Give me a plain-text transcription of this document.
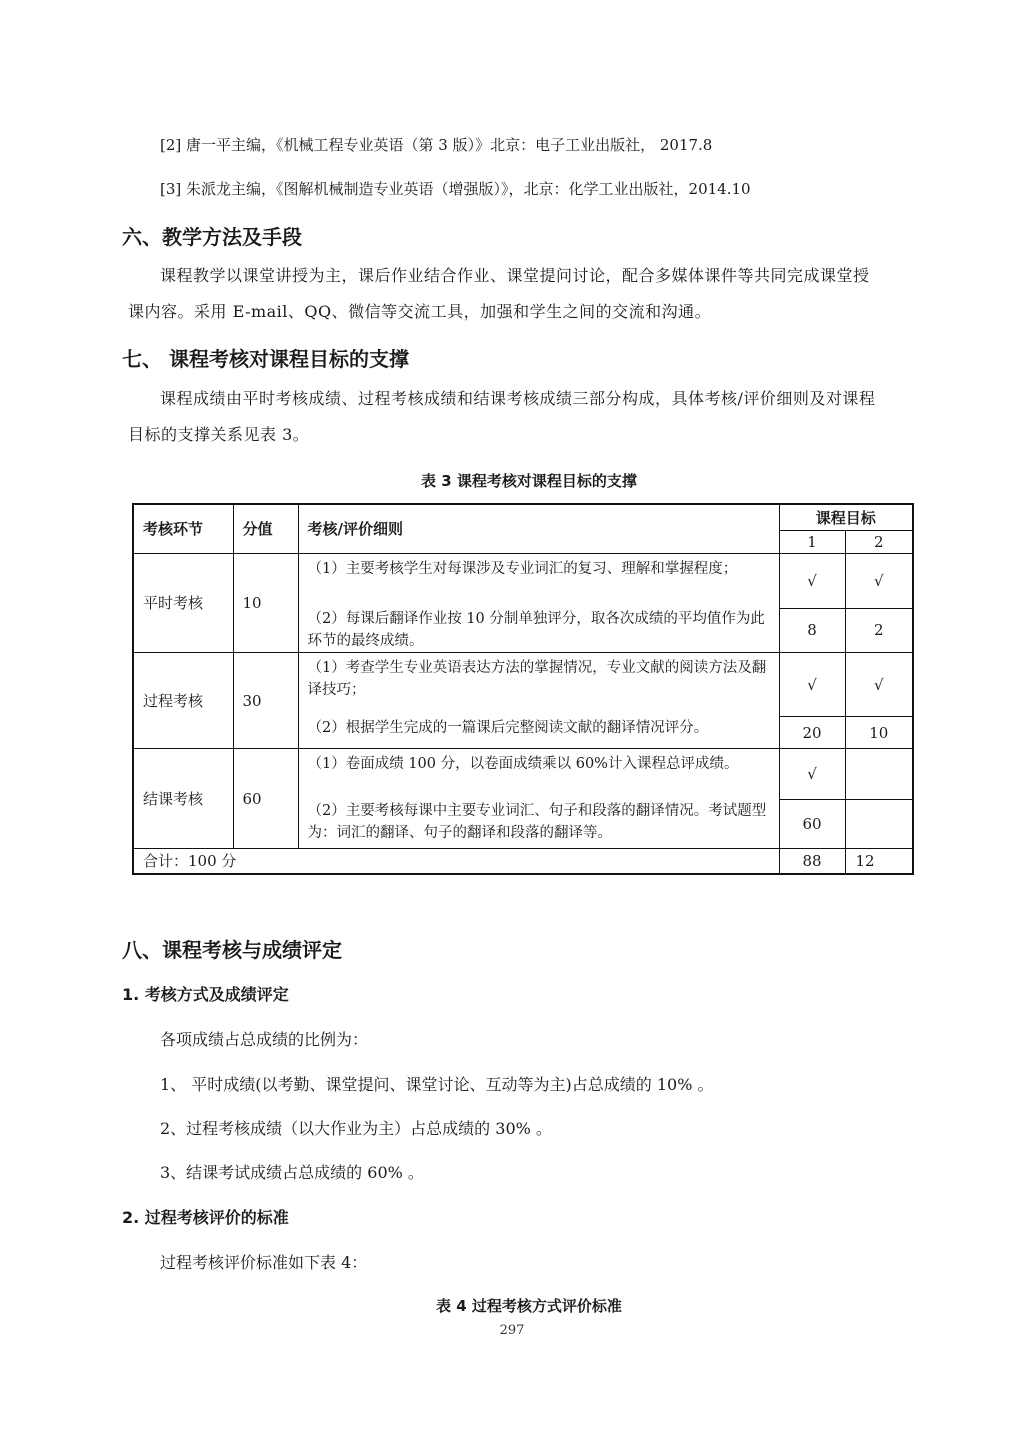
[2] 唐一平主编，《机械工程专业英语（第 3 版）》北京：电子工业出版社， 2017.8
[3] 朱派龙主编，《图解机械制造专业英语（增强版）》，北京：化学工业出版社，2014.10
六、教学方法及手段
课程教学以课堂讲授为主，课后作业结合作业、课堂提问讨论，配合多媒体课件等共同完成课堂授课内容。采用 E-mail、QQ、微信等交流工具，加强和学生之间的交流和沟通。
七、 课程考核对课程目标的支撑
课程成绩由平时考核成绩、过程考核成绩和结课考核成绩三部分构成，具体考核/评价细则及对课程目标的支撑关系见表 3。
表 3 课程考核对课程目标的支撑
考核环节	分值	考核/评价细则	课程目标	
			1	2
平时考核	10	（1）主要考核学生对每课涉及专业词汇的复习、理解和掌握程度；	√	√
		（2）每课后翻译作业按 10 分制单独评分，取各次成绩的平均值作为此环节的最终成绩。	8	2
过程考核	30	（1）考查学生专业英语表达方法的掌握情况，专业文献的阅读方法及翻译技巧；	√	√
		（2）根据学生完成的一篇课后完整阅读文献的翻译情况评分。	20	10
结课考核	60	（1）卷面成绩 100 分，以卷面成绩乘以 60%计入课程总评成绩。	√	
		（2）主要考核每课中主要专业词汇、句子和段落的翻译情况。考试题型为：词汇的翻译、句子的翻译和段落的翻译等。	60	
合计：100 分			88	12
八、课程考核与成绩评定
1. 考核方式及成绩评定
各项成绩占总成绩的比例为：
1、 平时成绩(以考勤、课堂提问、课堂讨论、互动等为主)占总成绩的 10% 。
2、过程考核成绩（以大作业为主）占总成绩的 30% 。
3、结课考试成绩占总成绩的 60% 。
2. 过程考核评价的标准
过程考核评价标准如下表 4：
表 4 过程考核方式评价标准
297
